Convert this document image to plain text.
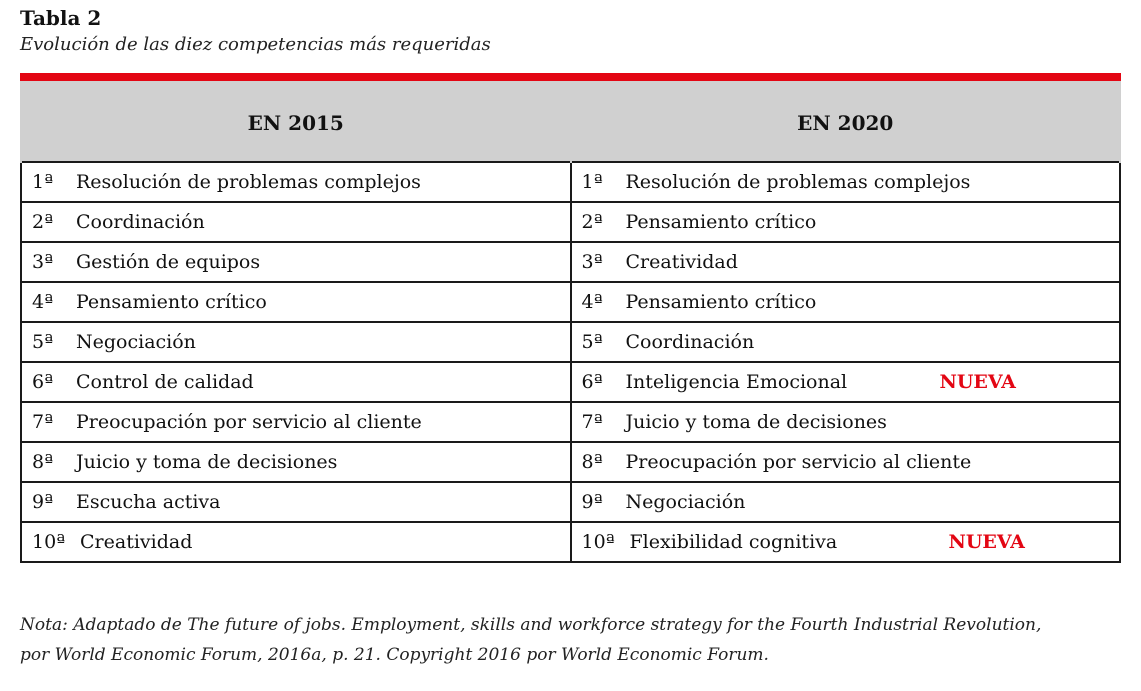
Tabla 2
Evolución de las diez competencias más requeridas
EN 2015	EN 2020
1ª Resolución de problemas complejos	1ª Resolución de problemas complejos
2ª Coordinación	2ª Pensamiento crítico
3ª Gestión de equipos	3ª Creatividad
4ª Pensamiento crítico	4ª Pensamiento crítico
5ª Negociación	5ª Coordinación
6ª Control de calidad	6ª Inteligencia Emocional NUEVA

7ª Preocupación por servicio al cliente	7ª Juicio y toma de decisiones
8ª Juicio y toma de decisiones	8ª Preocupación por servicio al cliente
9ª Escucha activa	9ª Negociación
10ª Creatividad	10ª Flexibilidad cognitiva NUEVA
Nota: Adaptado de The future of jobs. Employment, skills and workforce strategy for the Fourth Industrial Revolution,
por World Economic Forum, 2016a, p. 21. Copyright 2016 por World Economic Forum.
